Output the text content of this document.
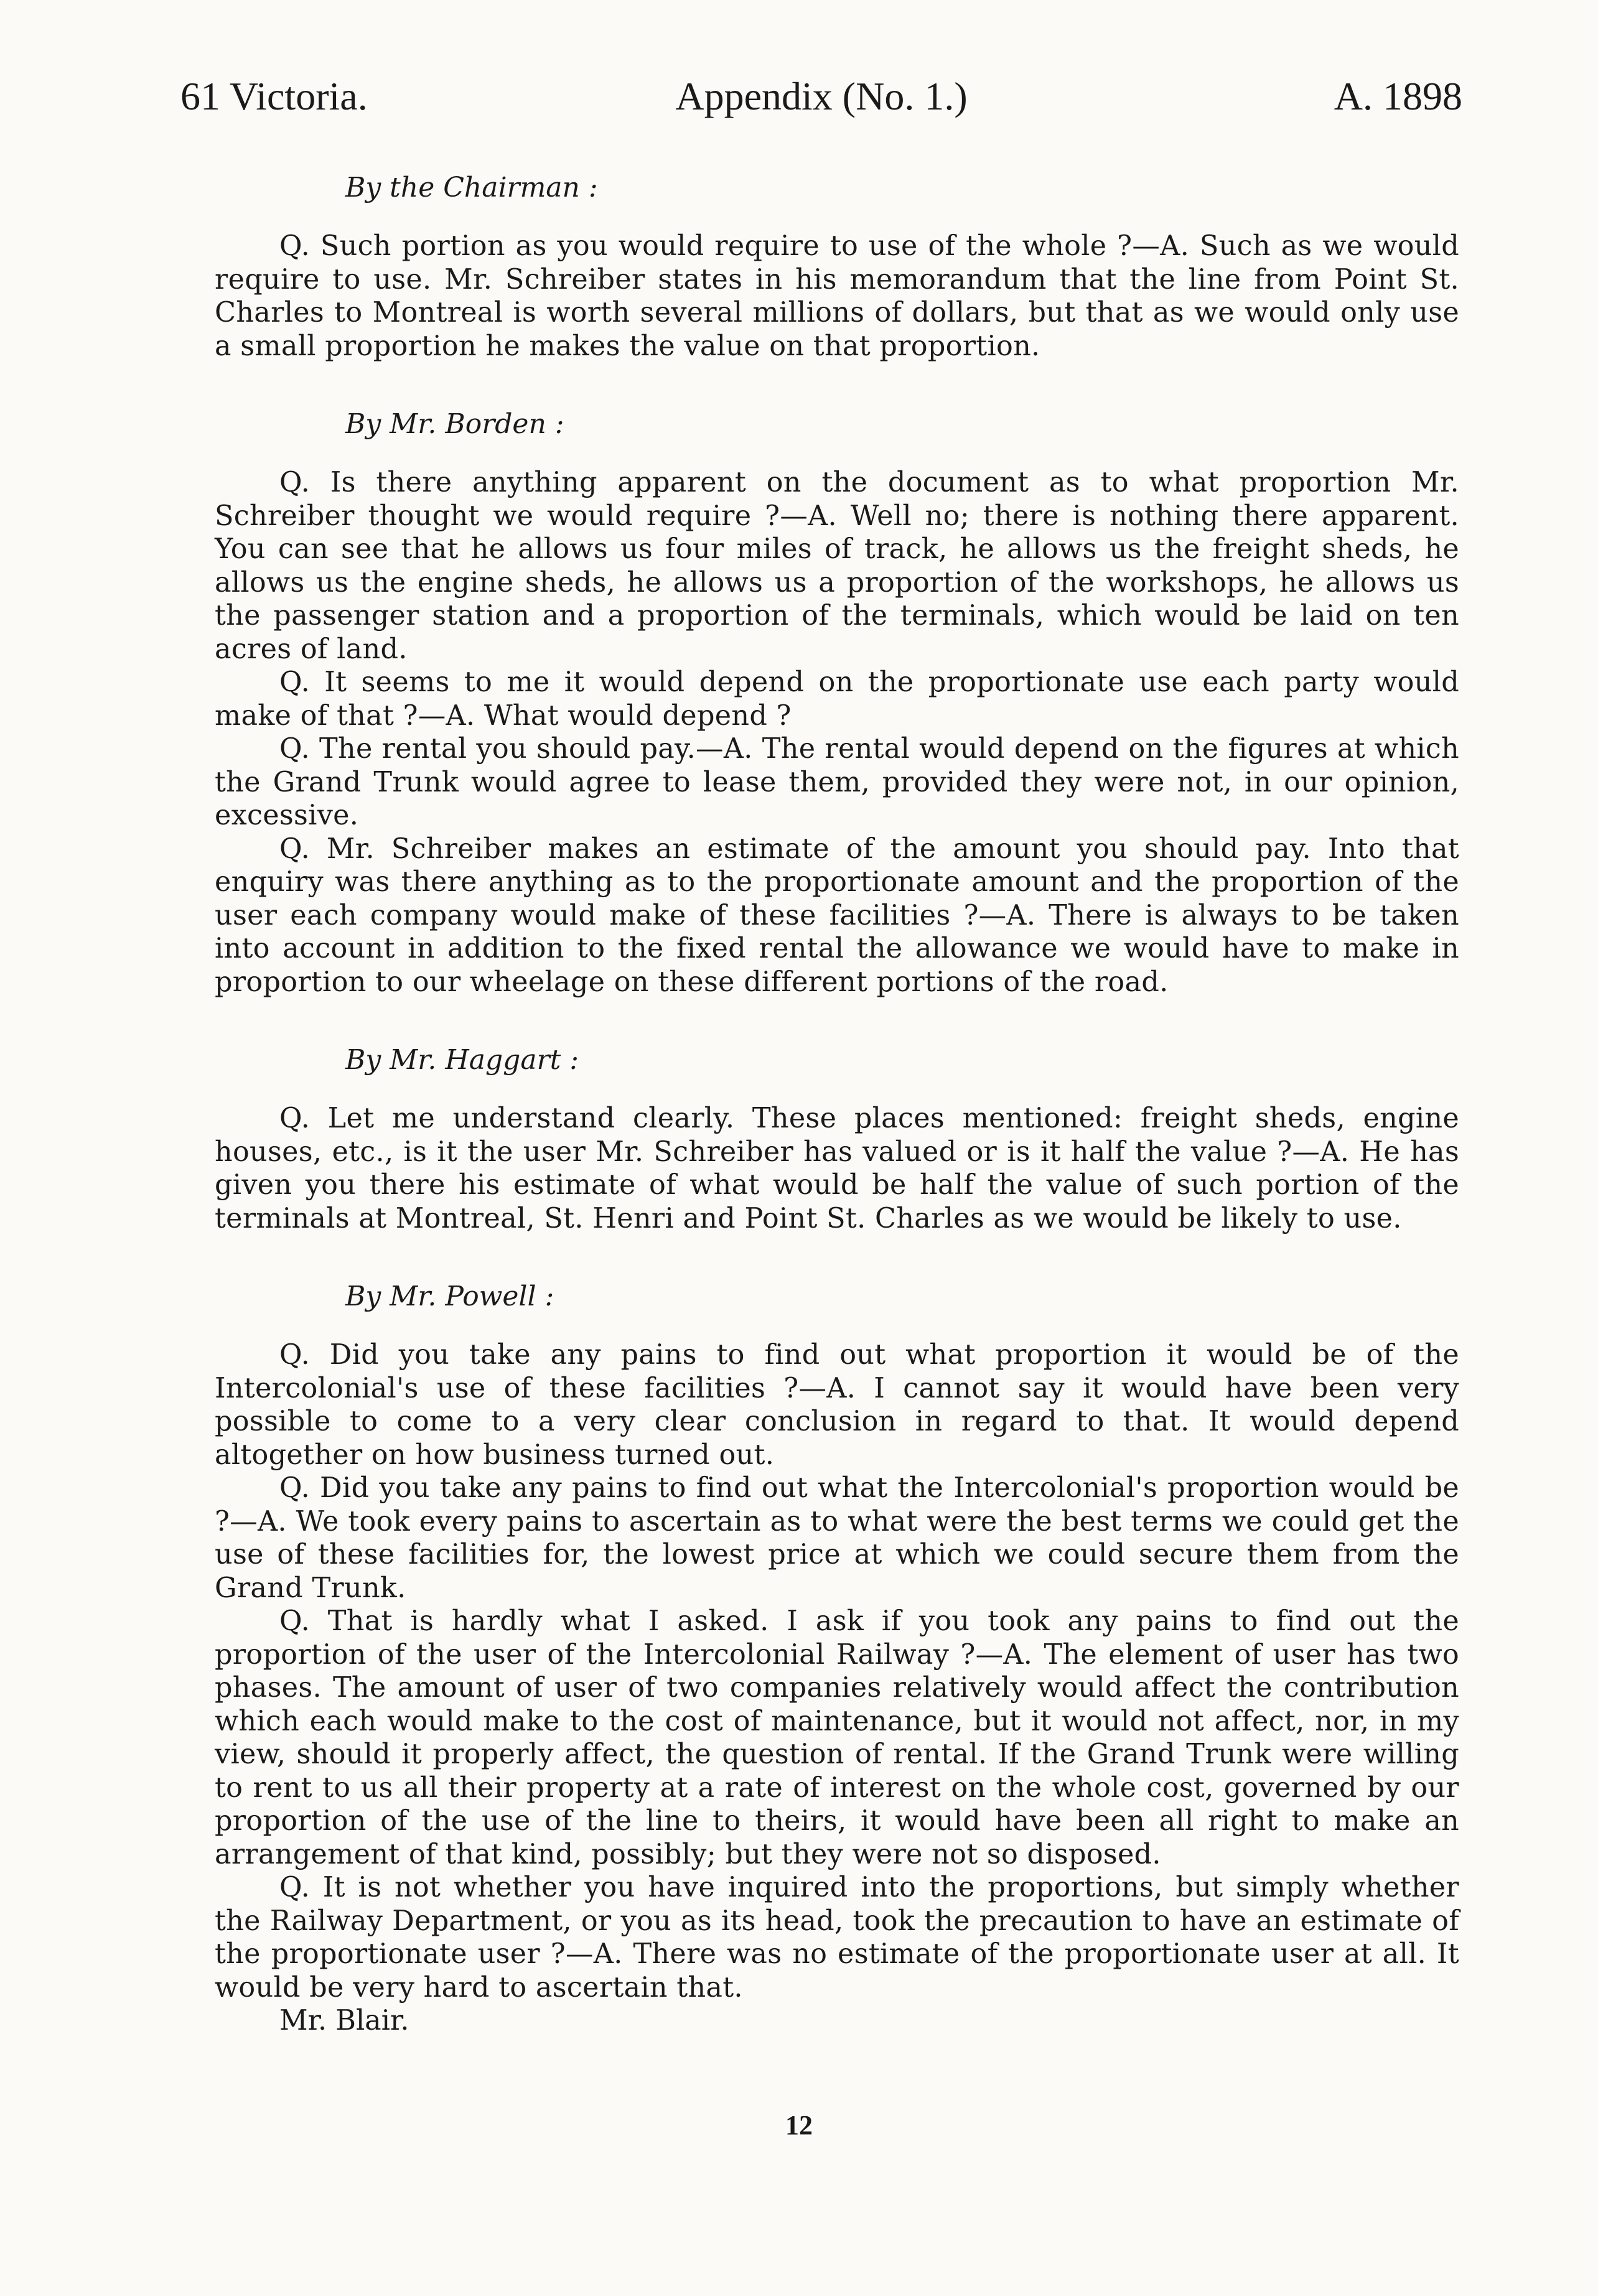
61 Victoria.	Appendix (No. 1.)	A. 1898
By the Chairman :

Q. Such portion as you would require to use of the whole ?—A. Such as we would require to use. Mr. Schreiber states in his memorandum that the line from Point St. Charles to Montreal is worth several millions of dollars, but that as we would only use a small proportion he makes the value on that proportion.

By Mr. Borden :

Q. Is there anything apparent on the document as to what proportion Mr. Schreiber thought we would require ?—A. Well no; there is nothing there apparent. You can see that he allows us four miles of track, he allows us the freight sheds, he allows us the engine sheds, he allows us a proportion of the workshops, he allows us the passenger station and a proportion of the terminals, which would be laid on ten acres of land.

Q. It seems to me it would depend on the proportionate use each party would make of that ?—A. What would depend ?

Q. The rental you should pay.—A. The rental would depend on the figures at which the Grand Trunk would agree to lease them, provided they were not, in our opinion, excessive.

Q. Mr. Schreiber makes an estimate of the amount you should pay. Into that enquiry was there anything as to the proportionate amount and the proportion of the user each company would make of these facilities ?—A. There is always to be taken into account in addition to the fixed rental the allowance we would have to make in proportion to our wheelage on these different portions of the road.

By Mr. Haggart :

Q. Let me understand clearly. These places mentioned: freight sheds, engine houses, etc., is it the user Mr. Schreiber has valued or is it half the value ?—A. He has given you there his estimate of what would be half the value of such portion of the terminals at Montreal, St. Henri and Point St. Charles as we would be likely to use.

By Mr. Powell :

Q. Did you take any pains to find out what proportion it would be of the Intercolonial's use of these facilities ?—A. I cannot say it would have been very possible to come to a very clear conclusion in regard to that. It would depend altogether on how business turned out.

Q. Did you take any pains to find out what the Intercolonial's proportion would be ?—A. We took every pains to ascertain as to what were the best terms we could get the use of these facilities for, the lowest price at which we could secure them from the Grand Trunk.

Q. That is hardly what I asked. I ask if you took any pains to find out the proportion of the user of the Intercolonial Railway ?—A. The element of user has two phases. The amount of user of two companies relatively would affect the contribution which each would make to the cost of maintenance, but it would not affect, nor, in my view, should it properly affect, the question of rental. If the Grand Trunk were willing to rent to us all their property at a rate of interest on the whole cost, governed by our proportion of the use of the line to theirs, it would have been all right to make an arrangement of that kind, possibly; but they were not so disposed.

Q. It is not whether you have inquired into the proportions, but simply whether the Railway Department, or you as its head, took the precaution to have an estimate of the proportionate user ?—A. There was no estimate of the proportionate user at all. It would be very hard to ascertain that.

Mr. Blair.

12
